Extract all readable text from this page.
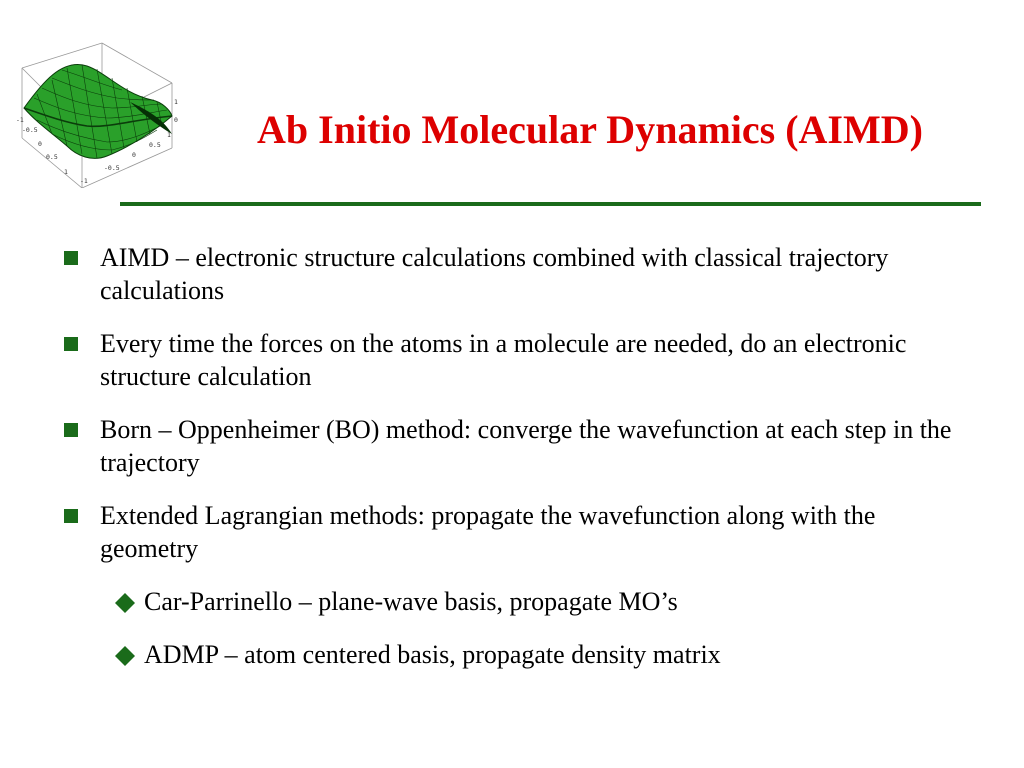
-1
-0.5
0
0.5
1
1
0.5
0
-0.5
-1
1
0	Ab Initio Molecular Dynamics (AIMD)
AIMD – electronic structure calculations combined with classical trajectory calculations
Every time the forces on the atoms in a molecule are needed, do an electronic structure calculation
Born – Oppenheimer (BO) method: converge the wavefunction at each step in the trajectory
Extended Lagrangian methods: propagate the wavefunction along with the geometry
Car-Parrinello – plane-wave basis, propagate MO’s
ADMP – atom centered basis, propagate density matrix
